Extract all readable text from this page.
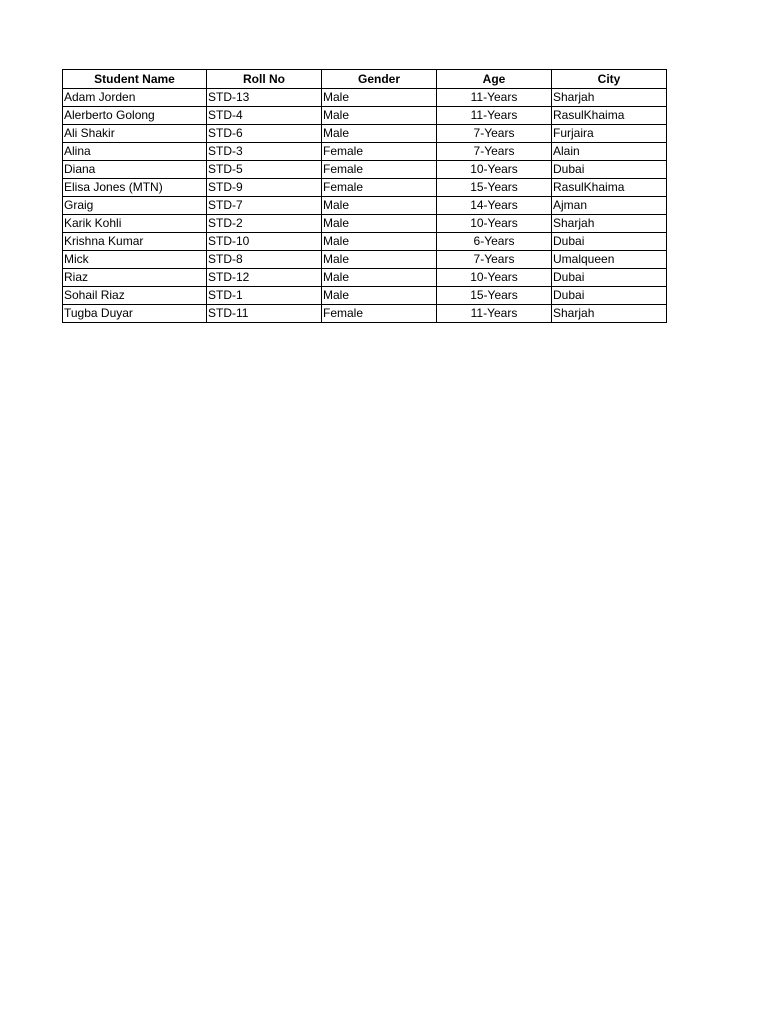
Student Name	Roll No	Gender	Age	City
Adam Jorden	STD-13	Male	11-Years	Sharjah
Alerberto Golong	STD-4	Male	11-Years	RasulKhaima
Ali Shakir	STD-6	Male	7-Years	Furjaira
Alina	STD-3	Female	7-Years	Alain
Diana	STD-5	Female	10-Years	Dubai
Elisa Jones (MTN)	STD-9	Female	15-Years	RasulKhaima
Graig	STD-7	Male	14-Years	Ajman
Karik Kohli	STD-2	Male	10-Years	Sharjah
Krishna Kumar	STD-10	Male	6-Years	Dubai
Mick	STD-8	Male	7-Years	Umalqueen
Riaz	STD-12	Male	10-Years	Dubai
Sohail Riaz	STD-1	Male	15-Years	Dubai
Tugba Duyar	STD-11	Female	11-Years	Sharjah
